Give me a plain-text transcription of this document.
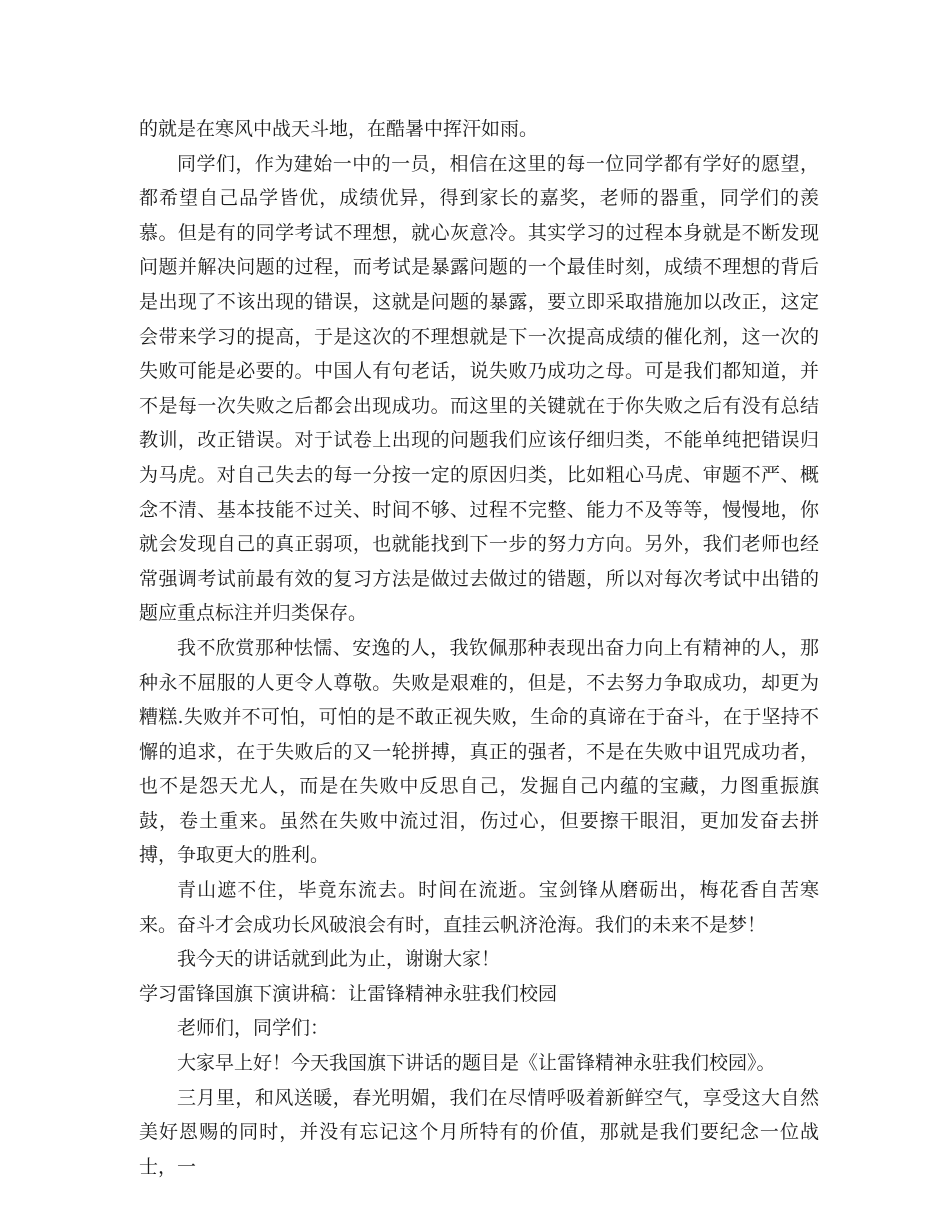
的就是在寒风中战天斗地，在酷暑中挥汗如雨。

同学们，作为建始一中的一员，相信在这里的每一位同学都有学好的愿望，都希望自己品学皆优，成绩优异，得到家长的嘉奖，老师的器重，同学们的羡慕。但是有的同学考试不理想，就心灰意冷。其实学习的过程本身就是不断发现问题并解决问题的过程，而考试是暴露问题的一个最佳时刻，成绩不理想的背后是出现了不该出现的错误，这就是问题的暴露，要立即采取措施加以改正，这定会带来学习的提高，于是这次的不理想就是下一次提高成绩的催化剂，这一次的失败可能是必要的。中国人有句老话，说失败乃成功之母。可是我们都知道，并不是每一次失败之后都会出现成功。而这里的关键就在于你失败之后有没有总结教训，改正错误。对于试卷上出现的问题我们应该仔细归类，不能单纯把错误归为马虎。对自己失去的每一分按一定的原因归类，比如粗心马虎、审题不严、概念不清、基本技能不过关、时间不够、过程不完整、能力不及等等，慢慢地，你就会发现自己的真正弱项，也就能找到下一步的努力方向。另外，我们老师也经常强调考试前最有效的复习方法是做过去做过的错题，所以对每次考试中出错的题应重点标注并归类保存。

我不欣赏那种怯懦、安逸的人，我钦佩那种表现出奋力向上有精神的人，那种永不屈服的人更令人尊敬。失败是艰难的，但是，不去努力争取成功，却更为糟糕.失败并不可怕，可怕的是不敢正视失败，生命的真谛在于奋斗，在于坚持不懈的追求，在于失败后的又一轮拼搏，真正的强者，不是在失败中诅咒成功者，也不是怨天尤人，而是在失败中反思自己，发掘自己内蕴的宝藏，力图重振旗鼓，卷土重来。虽然在失败中流过泪，伤过心，但要擦干眼泪，更加发奋去拼搏，争取更大的胜利。

青山遮不住，毕竟东流去。时间在流逝。宝剑锋从磨砺出，梅花香自苦寒来。奋斗才会成功长风破浪会有时，直挂云帆济沧海。我们的未来不是梦！

我今天的讲话就到此为止，谢谢大家！

学习雷锋国旗下演讲稿：让雷锋精神永驻我们校园

老师们，同学们：

大家早上好！今天我国旗下讲话的题目是《让雷锋精神永驻我们校园》。

三月里，和风送暖，春光明媚，我们在尽情呼吸着新鲜空气，享受这大自然美好恩赐的同时，并没有忘记这个月所特有的价值，那就是我们要纪念一位战士，一
